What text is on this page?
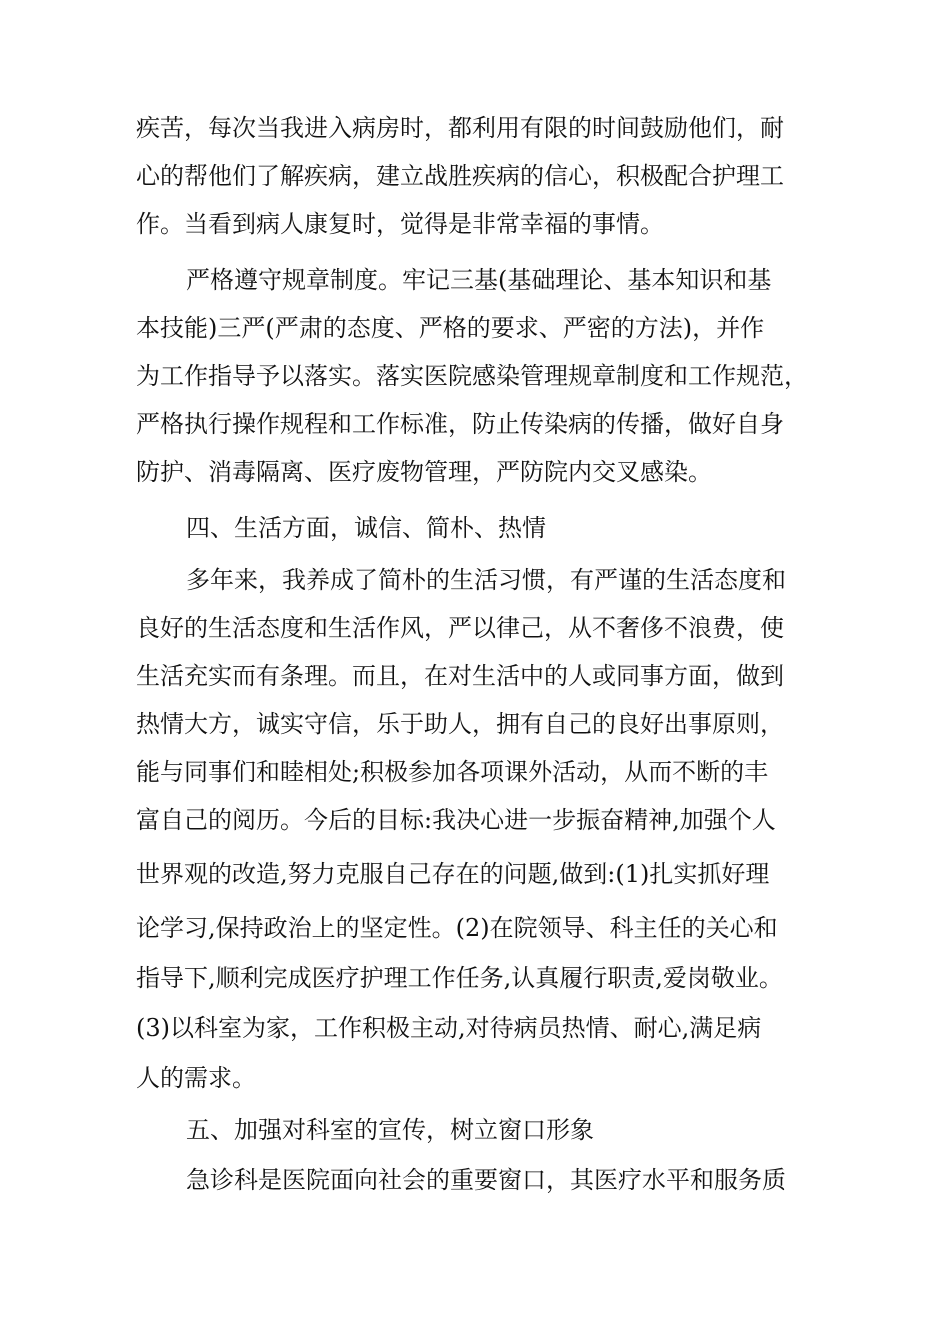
疾苦，每次当我进入病房时，都利用有限的时间鼓励他们，耐
心的帮他们了解疾病，建立战胜疾病的信心，积极配合护理工
作。当看到病人康复时，觉得是非常幸福的事情。
严格遵守规章制度。牢记三基(基础理论、基本知识和基
本技能)三严(严肃的态度、严格的要求、严密的方法)，并作
为工作指导予以落实。落实医院感染管理规章制度和工作规范，
严格执行操作规程和工作标准，防止传染病的传播，做好自身
防护、消毒隔离、医疗废物管理，严防院内交叉感染。
四、生活方面，诚信、简朴、热情
多年来，我养成了简朴的生活习惯，有严谨的生活态度和
良好的生活态度和生活作风，严以律己，从不奢侈不浪费，使
生活充实而有条理。而且，在对生活中的人或同事方面，做到
热情大方，诚实守信，乐于助人，拥有自己的良好出事原则，
能与同事们和睦相处;积极参加各项课外活动，从而不断的丰
富自己的阅历。今后的目标:我决心进一步振奋精神,加强个人
世界观的改造,努力克服自己存在的问题,做到:(1)扎实抓好理
论学习,保持政治上的坚定性。(2)在院领导、科主任的关心和
指导下,顺利完成医疗护理工作任务,认真履行职责,爱岗敬业。
(3)以科室为家，工作积极主动,对待病员热情、耐心,满足病
人的需求。
五、加强对科室的宣传，树立窗口形象
急诊科是医院面向社会的重要窗口，其医疗水平和服务质
